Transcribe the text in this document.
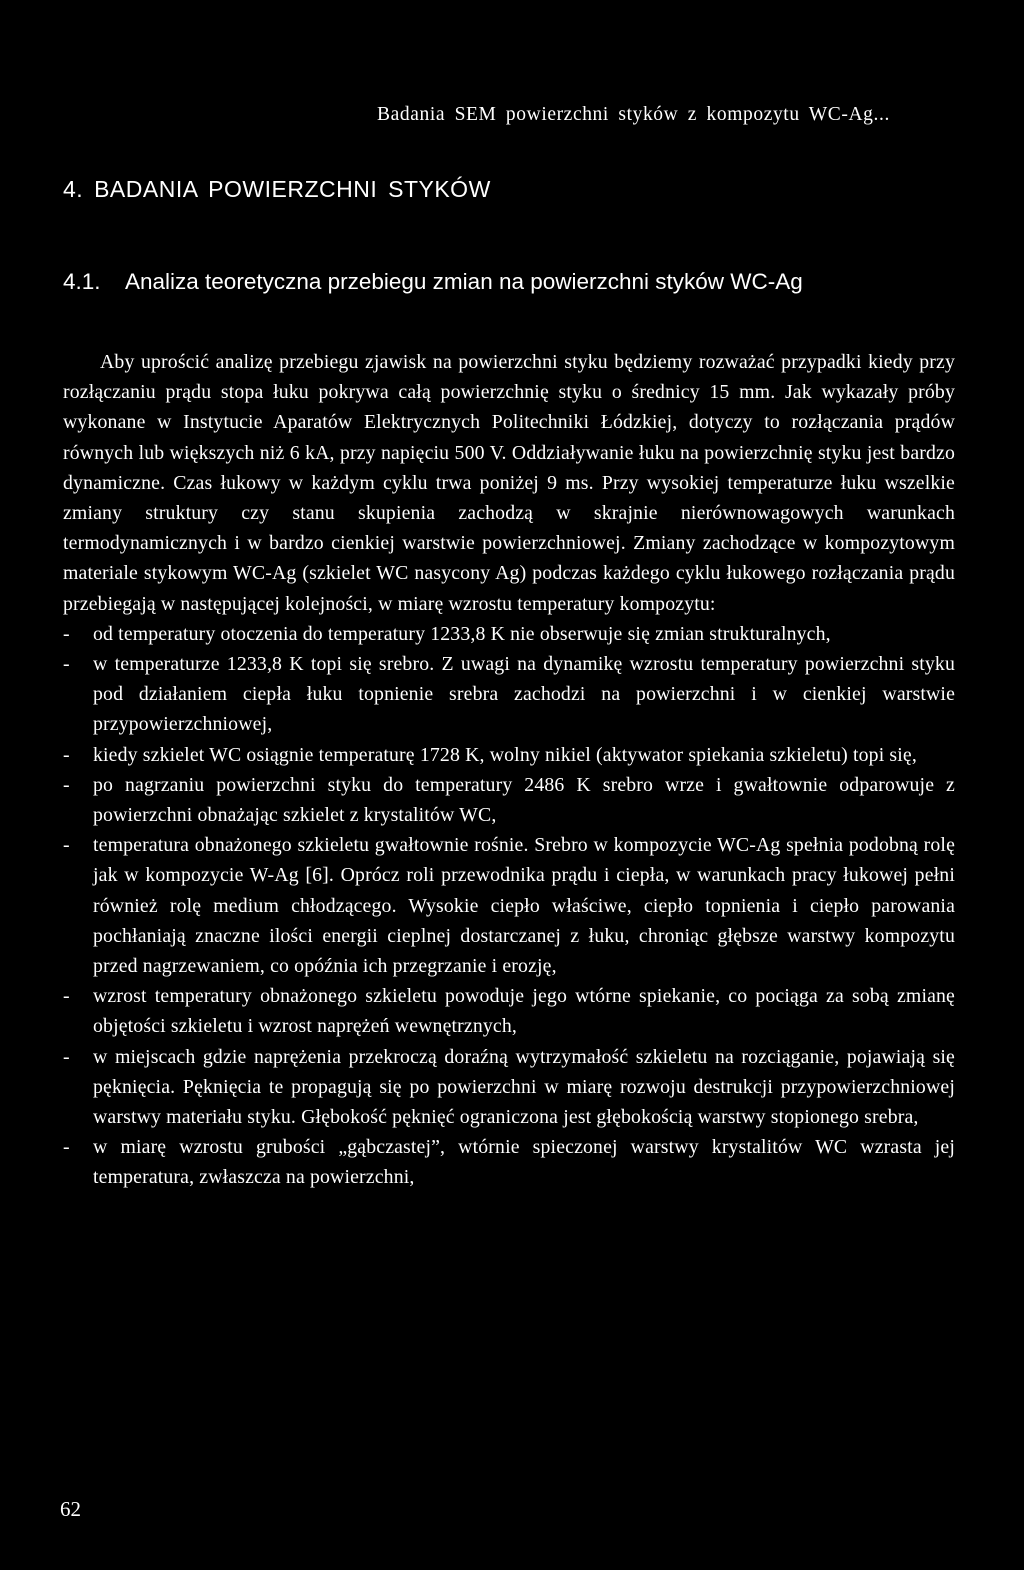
Badania SEM powierzchni styków z kompozytu WC-Ag...
4. BADANIA POWIERZCHNI STYKÓW
4.1. Analiza teoretyczna przebiegu zmian na powierzchni styków WC-Ag

Aby uprościć analizę przebiegu zjawisk na powierzchni styku będziemy rozważać przypadki kiedy przy rozłączaniu prądu stopa łuku pokrywa całą powierzchnię styku o średnicy 15 mm. Jak wykazały próby wykonane w Instytucie Aparatów Elektrycznych Politechniki Łódzkiej, dotyczy to rozłączania prądów równych lub większych niż 6 kA, przy napięciu 500 V. Oddziaływanie łuku na powierzchnię styku jest bardzo dynamiczne. Czas łukowy w każdym cyklu trwa poniżej 9 ms. Przy wysokiej temperaturze łuku wszelkie zmiany struktury czy stanu skupienia zachodzą w skrajnie nierównowagowych warunkach termodynamicznych i w bardzo cienkiej warstwie powierzchniowej. Zmiany zachodzące w kompozytowym materiale stykowym WC-Ag (szkielet WC nasycony Ag) podczas każdego cyklu łukowego rozłączania prądu przebiegają w następującej kolejności, w miarę wzrostu temperatury kompozytu:

- od temperatury otoczenia do temperatury 1233,8 K nie obserwuje się zmian strukturalnych,
- w temperaturze 1233,8 K topi się srebro. Z uwagi na dynamikę wzrostu temperatury powierzchni styku pod działaniem ciepła łuku topnienie srebra zachodzi na powierzchni i w cienkiej warstwie przypowierzchniowej,
- kiedy szkielet WC osiągnie temperaturę 1728 K, wolny nikiel (aktywator spiekania szkieletu) topi się,
- po nagrzaniu powierzchni styku do temperatury 2486 K srebro wrze i gwałtownie odparowuje z powierzchni obnażając szkielet z krystalitów WC,
- temperatura obnażonego szkieletu gwałtownie rośnie. Srebro w kompozycie WC-Ag spełnia podobną rolę jak w kompozycie W-Ag [6]. Oprócz roli przewodnika prądu i ciepła, w warunkach pracy łukowej pełni również rolę medium chłodzącego. Wysokie ciepło właściwe, ciepło topnienia i ciepło parowania pochłaniają znaczne ilości energii cieplnej dostarczanej z łuku, chroniąc głębsze warstwy kompozytu przed nagrzewaniem, co opóźnia ich przegrzanie i erozję,
- wzrost temperatury obnażonego szkieletu powoduje jego wtórne spiekanie, co pociąga za sobą zmianę objętości szkieletu i wzrost naprężeń wewnętrznych,
- w miejscach gdzie naprężenia przekroczą doraźną wytrzymałość szkieletu na rozciąganie, pojawiają się pęknięcia. Pęknięcia te propagują się po powierzchni w miarę rozwoju destrukcji przypowierzchniowej warstwy materiału styku. Głębokość pęknięć ograniczona jest głębokością warstwy stopionego srebra,
- w miarę wzrostu grubości „gąbczastej”, wtórnie spieczonej warstwy krystalitów WC wzrasta jej temperatura, zwłaszcza na powierzchni,
62
